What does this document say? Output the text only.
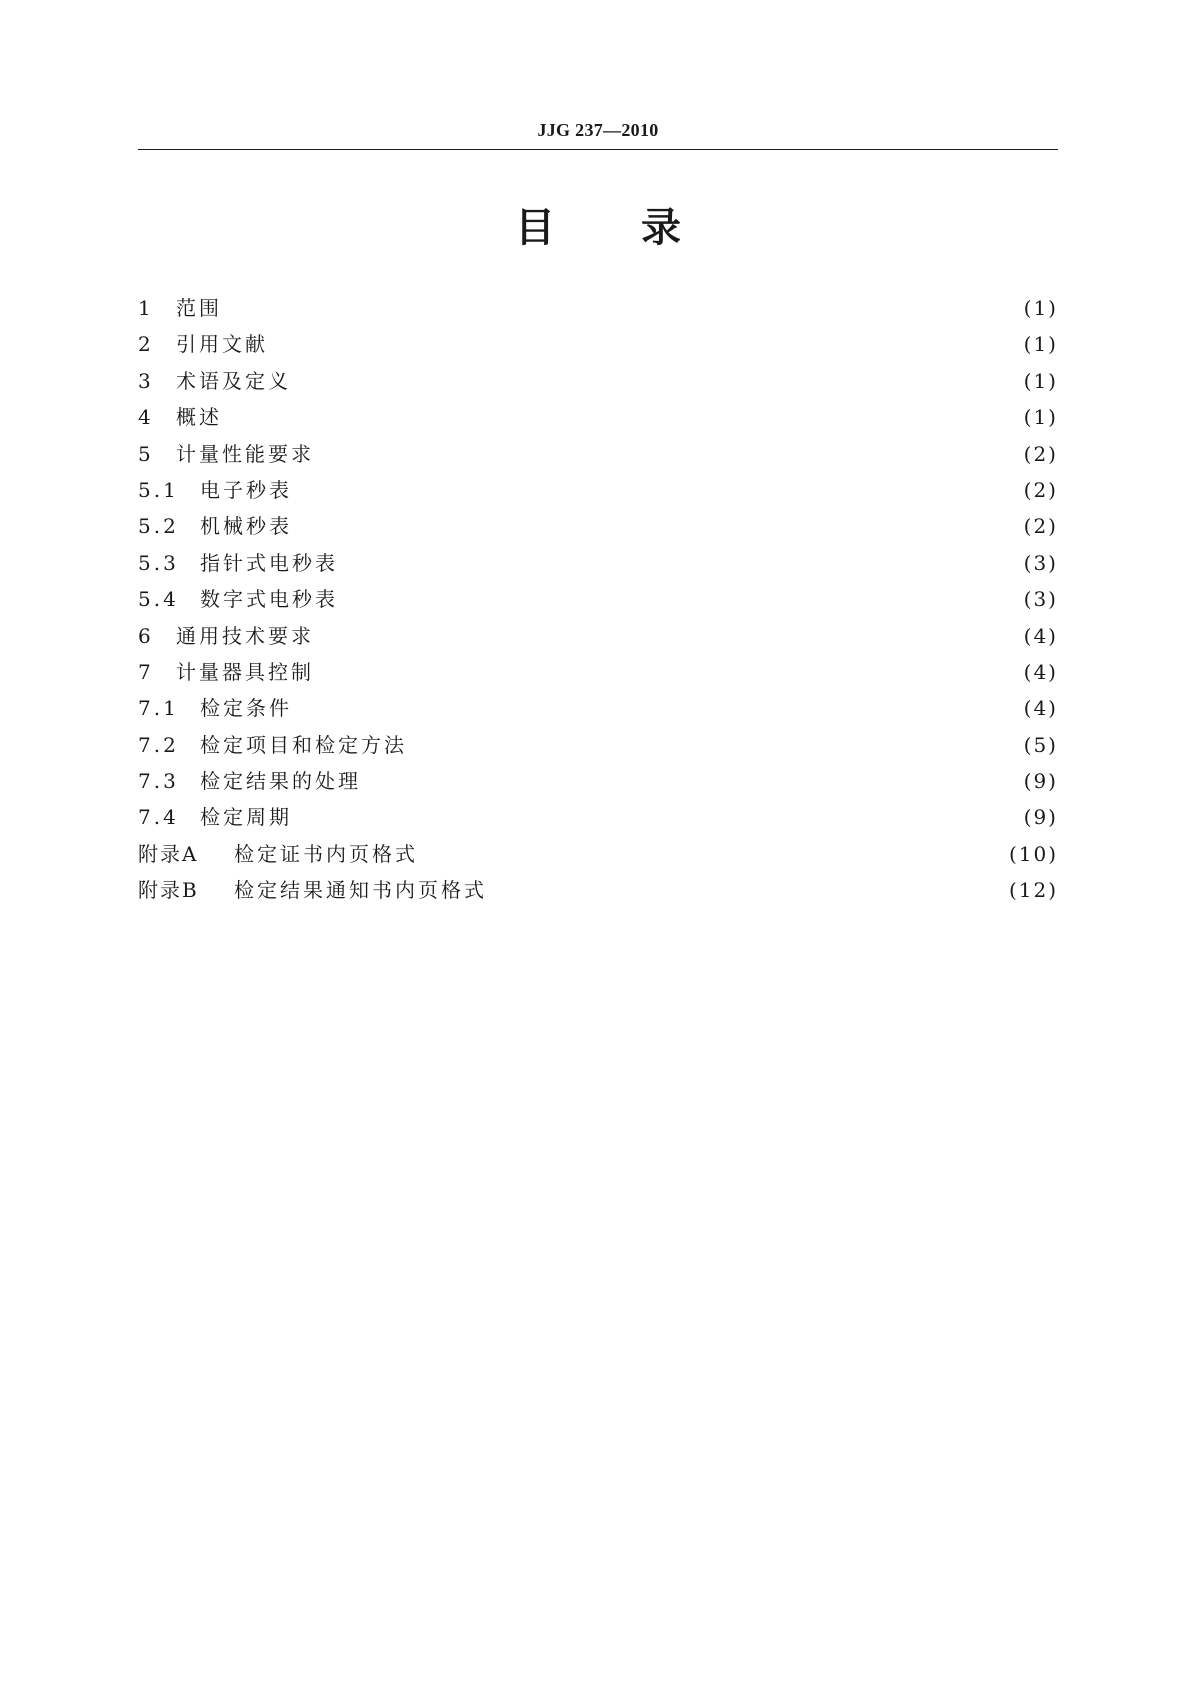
JJG 237—2010
目 录
1	范围	(1)
2	引用文献	(1)
3	术语及定义	(1)
4	概述	(1)
5	计量性能要求	(2)
5.1	电子秒表	(2)
5.2	机械秒表	(2)
5.3	指针式电秒表	(3)
5.4	数字式电秒表	(3)
6	通用技术要求	(4)
7	计量器具控制	(4)
7.1	检定条件	(4)
7.2	检定项目和检定方法	(5)
7.3	检定结果的处理	(9)
7.4	检定周期	(9)
附录A	检定证书内页格式	(10)
附录B	检定结果通知书内页格式	(12)
